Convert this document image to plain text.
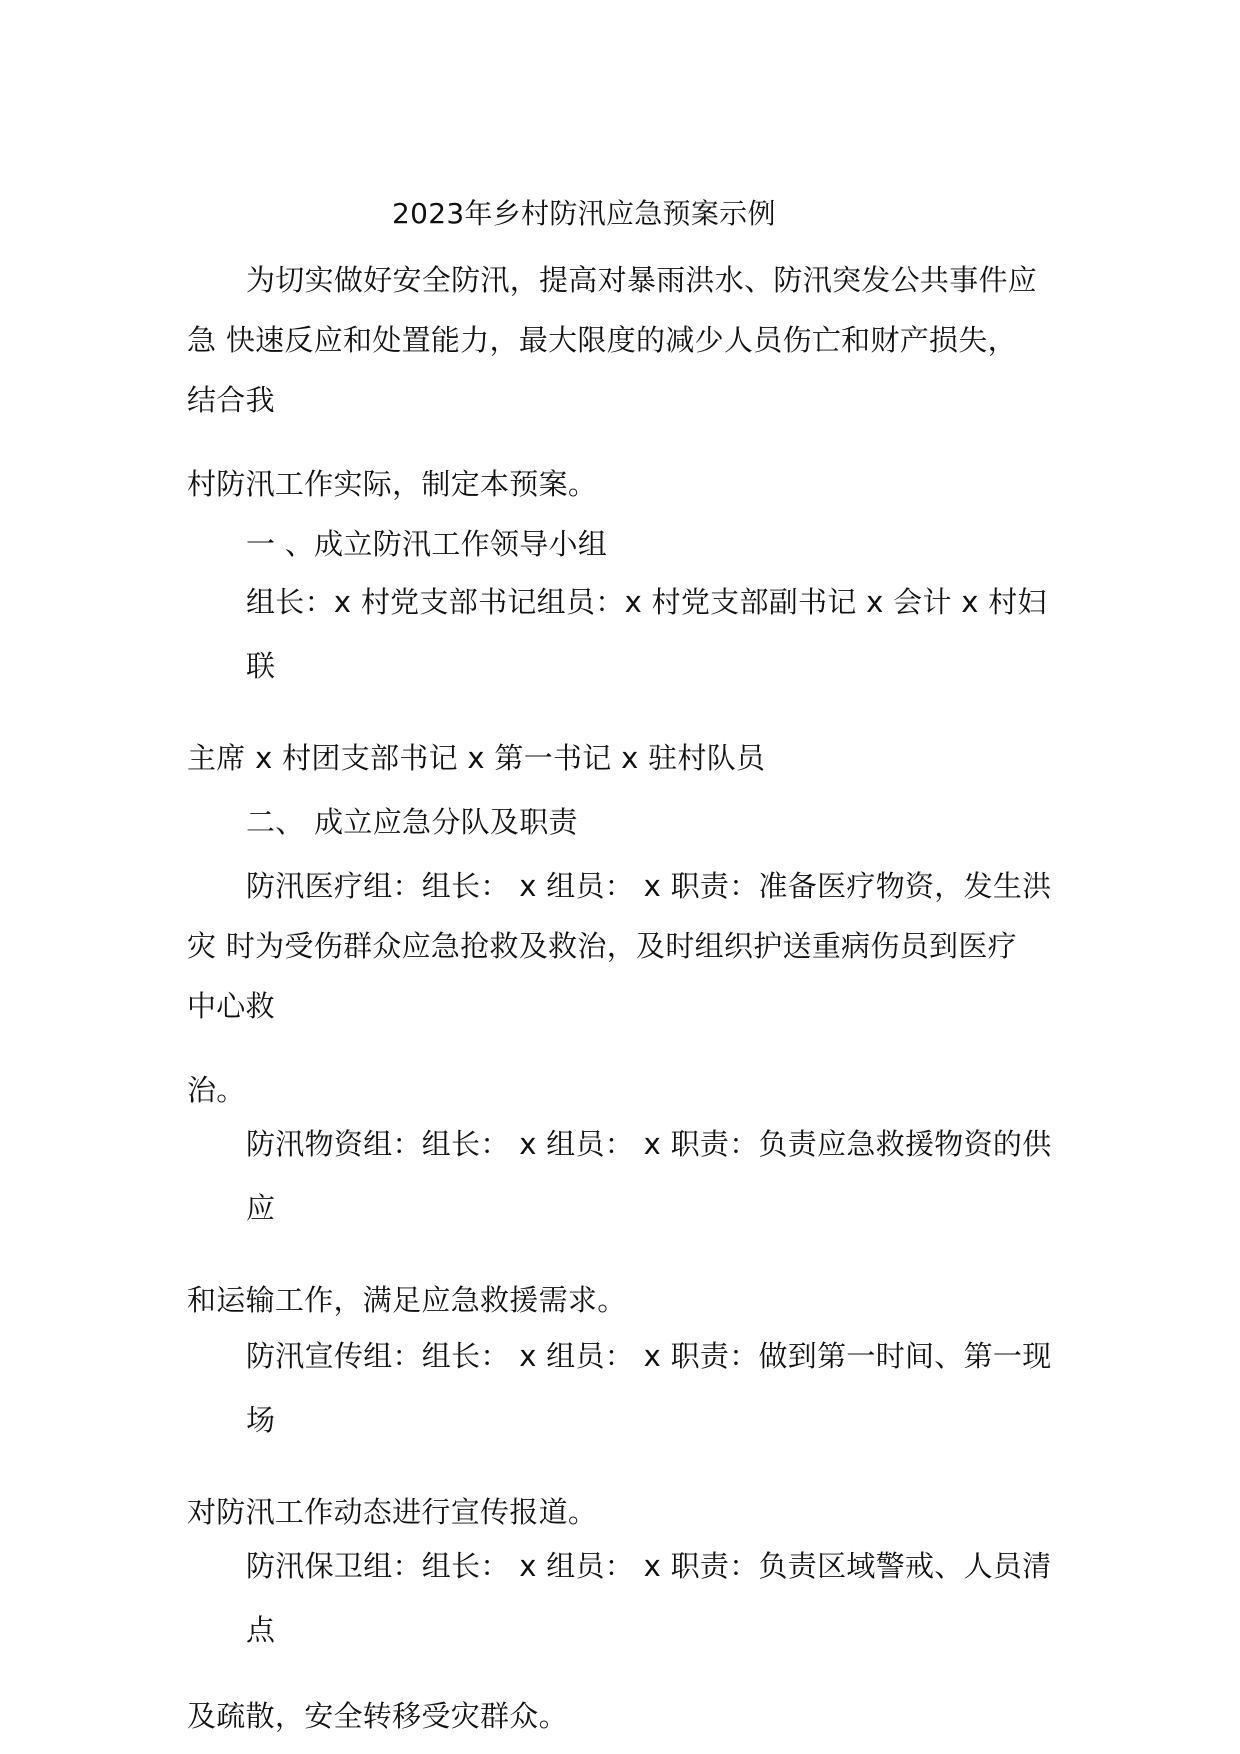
2023年乡村防汛应急预案示例
为切实做好安全防汛，提高对暴雨洪水、防汛突发公共事件应
急 快速反应和处置能力，最大限度的减少人员伤亡和财产损失，
结合我
村防汛工作实际，制定本预案。
一 、成立防汛工作领导小组
组长：x 村党支部书记组员：x 村党支部副书记 x 会计 x 村妇
联
主席 x 村团支部书记 x 第一书记 x 驻村队员
二、 成立应急分队及职责
防汛医疗组：组长： x 组员： x 职责：准备医疗物资，发生洪
灾 时为受伤群众应急抢救及救治，及时组织护送重病伤员到医疗
中心救
治。
防汛物资组：组长： x 组员： x 职责：负责应急救援物资的供
应
和运输工作，满足应急救援需求。
防汛宣传组：组长： x 组员： x 职责：做到第一时间、第一现
场
对防汛工作动态进行宣传报道。
防汛保卫组：组长： x 组员： x 职责：负责区域警戒、人员清
点
及疏散，安全转移受灾群众。
